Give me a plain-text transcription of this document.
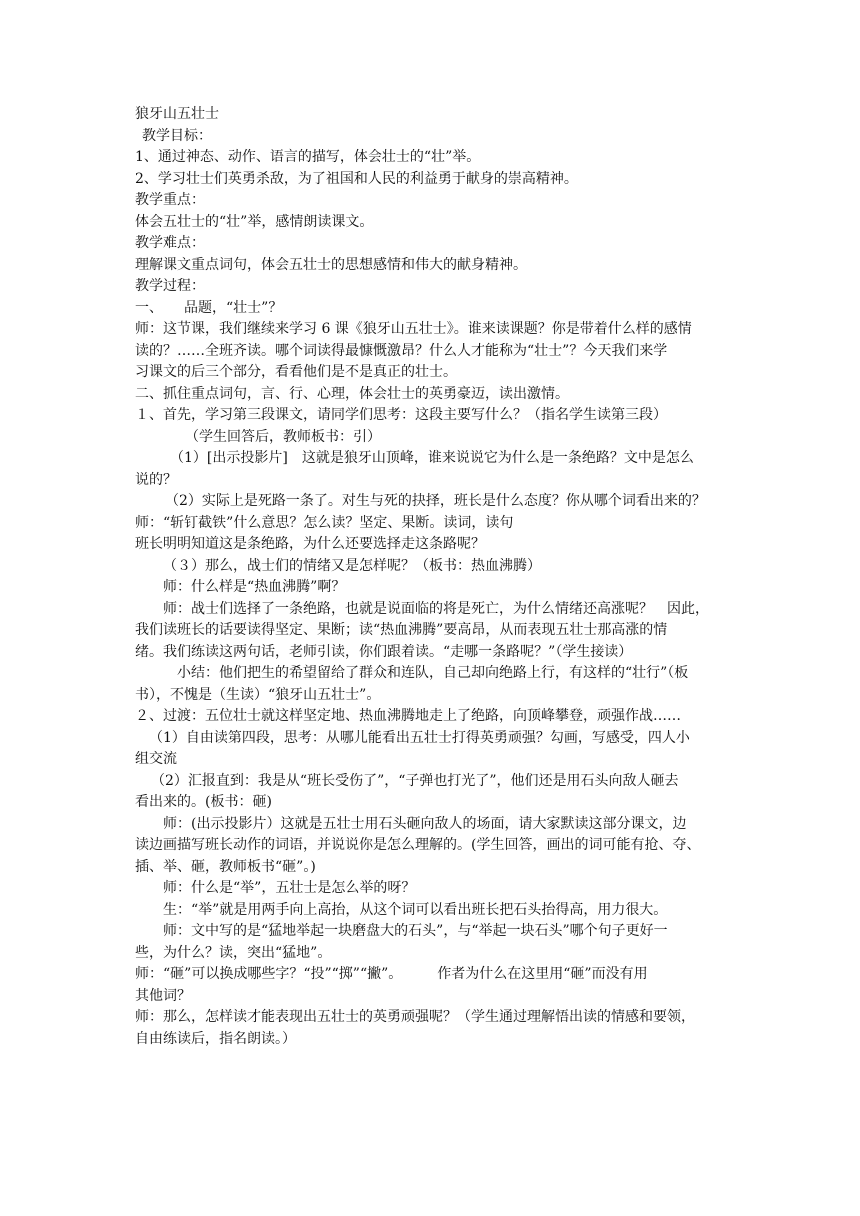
狼牙山五壮士
教学目标：
1、通过神态、动作、语言的描写，体会壮士的“壮”举。
2、学习壮士们英勇杀敌，为了祖国和人民的利益勇于献身的崇高精神。
教学重点：
体会五壮士的“壮”举，感情朗读课文。
教学难点：
理解课文重点词句，体会五壮士的思想感情和伟大的献身精神。
教学过程：
一、　　品题，“壮士”？
师：这节课，我们继续来学习 6 课《狼牙山五壮士》。谁来读课题？你是带着什么样的感情
读的？……全班齐读。哪个词读得最慷慨激昂？什么人才能称为“壮士”？今天我们来学
习课文的后三个部分，看看他们是不是真正的壮士。
二、抓住重点词句，言、行、心理，体会壮士的英勇豪迈，读出激情。
１、首先，学习第三段课文，请同学们思考：这段主要写什么？（指名学生读第三段）
（学生回答后，教师板书：引）
（1）[出示投影片]　这就是狼牙山顶峰，谁来说说它为什么是一条绝路？文中是怎么
说的？
（2）实际上是死路一条了。对生与死的抉择，班长是什么态度？你从哪个词看出来的？
师：“斩钉截铁”什么意思？怎么读？坚定、果断。读词，读句
班长明明知道这是条绝路，为什么还要选择走这条路呢？
（３）那么，战士们的情绪又是怎样呢？（板书：热血沸腾）
师：什么样是“热血沸腾”啊？
师：战士们选择了一条绝路，也就是说面临的将是死亡，为什么情绪还高涨呢？　因此，
我们读班长的话要读得坚定、果断；读“热血沸腾”要高昂，从而表现五壮士那高涨的情
绪。我们练读这两句话，老师引读，你们跟着读。“走哪一条路呢？”（学生接读）
小结：他们把生的希望留给了群众和连队，自己却向绝路上行，有这样的“壮行”（板
书），不愧是（生读）“狼牙山五壮士”。
２、过渡：五位壮士就这样坚定地、热血沸腾地走上了绝路，向顶峰攀登，顽强作战……
（1）自由读第四段，思考：从哪儿能看出五壮士打得英勇顽强？勾画，写感受，四人小
组交流
（2）汇报直到：我是从“班长受伤了”，“子弹也打光了”，他们还是用石头向敌人砸去
看出来的。(板书：砸)
师：(出示投影片）这就是五壮士用石头砸向敌人的场面，请大家默读这部分课文，边
读边画描写班长动作的词语，并说说你是怎么理解的。(学生回答，画出的词可能有抢、夺、
插、举、砸，教师板书“砸”。)
师：什么是“举”，五壮士是怎么举的呀？
生：“举”就是用两手向上高抬，从这个词可以看出班长把石头抬得高，用力很大。
师：文中写的是“猛地举起一块磨盘大的石头”，与“举起一块石头”哪个句子更好一
些，为什么？读，突出“猛地”。
师：“砸”可以换成哪些字？“投”“掷”“撇”。　　　作者为什么在这里用“砸”而没有用
其他词？
师：那么，怎样读才能表现出五壮士的英勇顽强呢？（学生通过理解悟出读的情感和要领，
自由练读后，指名朗读。）
